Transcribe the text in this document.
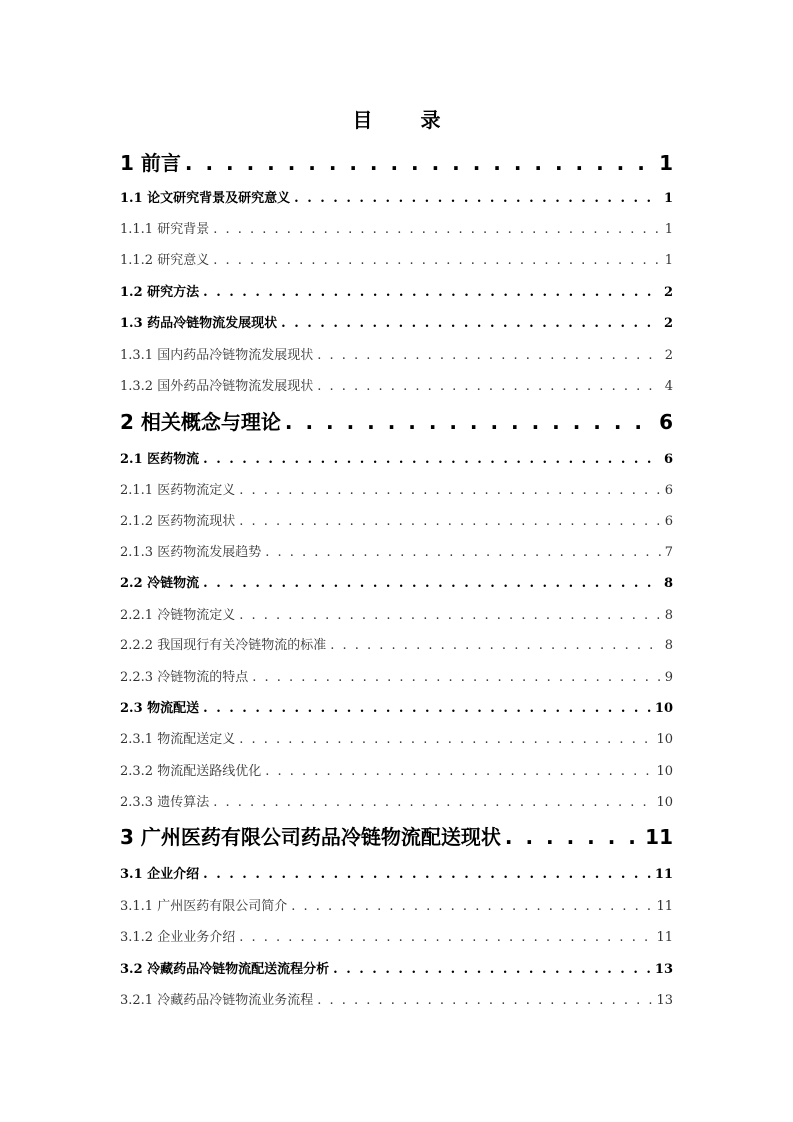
目 录
1 前言 . . .	1
1.1 论文研究背景及研究意义 . . .	1
1.1.1 研究背景 . . .	1
1.1.2 研究意义 . . .	1
1.2 研究方法 . . .	2
1.3 药品冷链物流发展现状 . . .	2
1.3.1 国内药品冷链物流发展现状 . . .	2
1.3.2 国外药品冷链物流发展现状 . . .	4
2 相关概念与理论 . . .	6
2.1 医药物流 . . .	6
2.1.1 医药物流定义 . . .	6
2.1.2 医药物流现状 . . .	6
2.1.3 医药物流发展趋势 . . .	7
2.2 冷链物流 . . .	8
2.2.1 冷链物流定义 . . .	8
2.2.2 我国现行有关冷链物流的标准 . . .	8
2.2.3 冷链物流的特点 . . .	9
2.3 物流配送 . . .	10
2.3.1 物流配送定义 . . .	10
2.3.2 物流配送路线优化 . . .	10
2.3.3 遗传算法 . . .	10
3 广州医药有限公司药品冷链物流配送现状 . . .	11
3.1 企业介绍 . . .	11
3.1.1 广州医药有限公司简介 . . .	11
3.1.2 企业业务介绍 . . .	11
3.2 冷藏药品冷链物流配送流程分析 . . .	13
3.2.1 冷藏药品冷链物流业务流程 . . .	13
